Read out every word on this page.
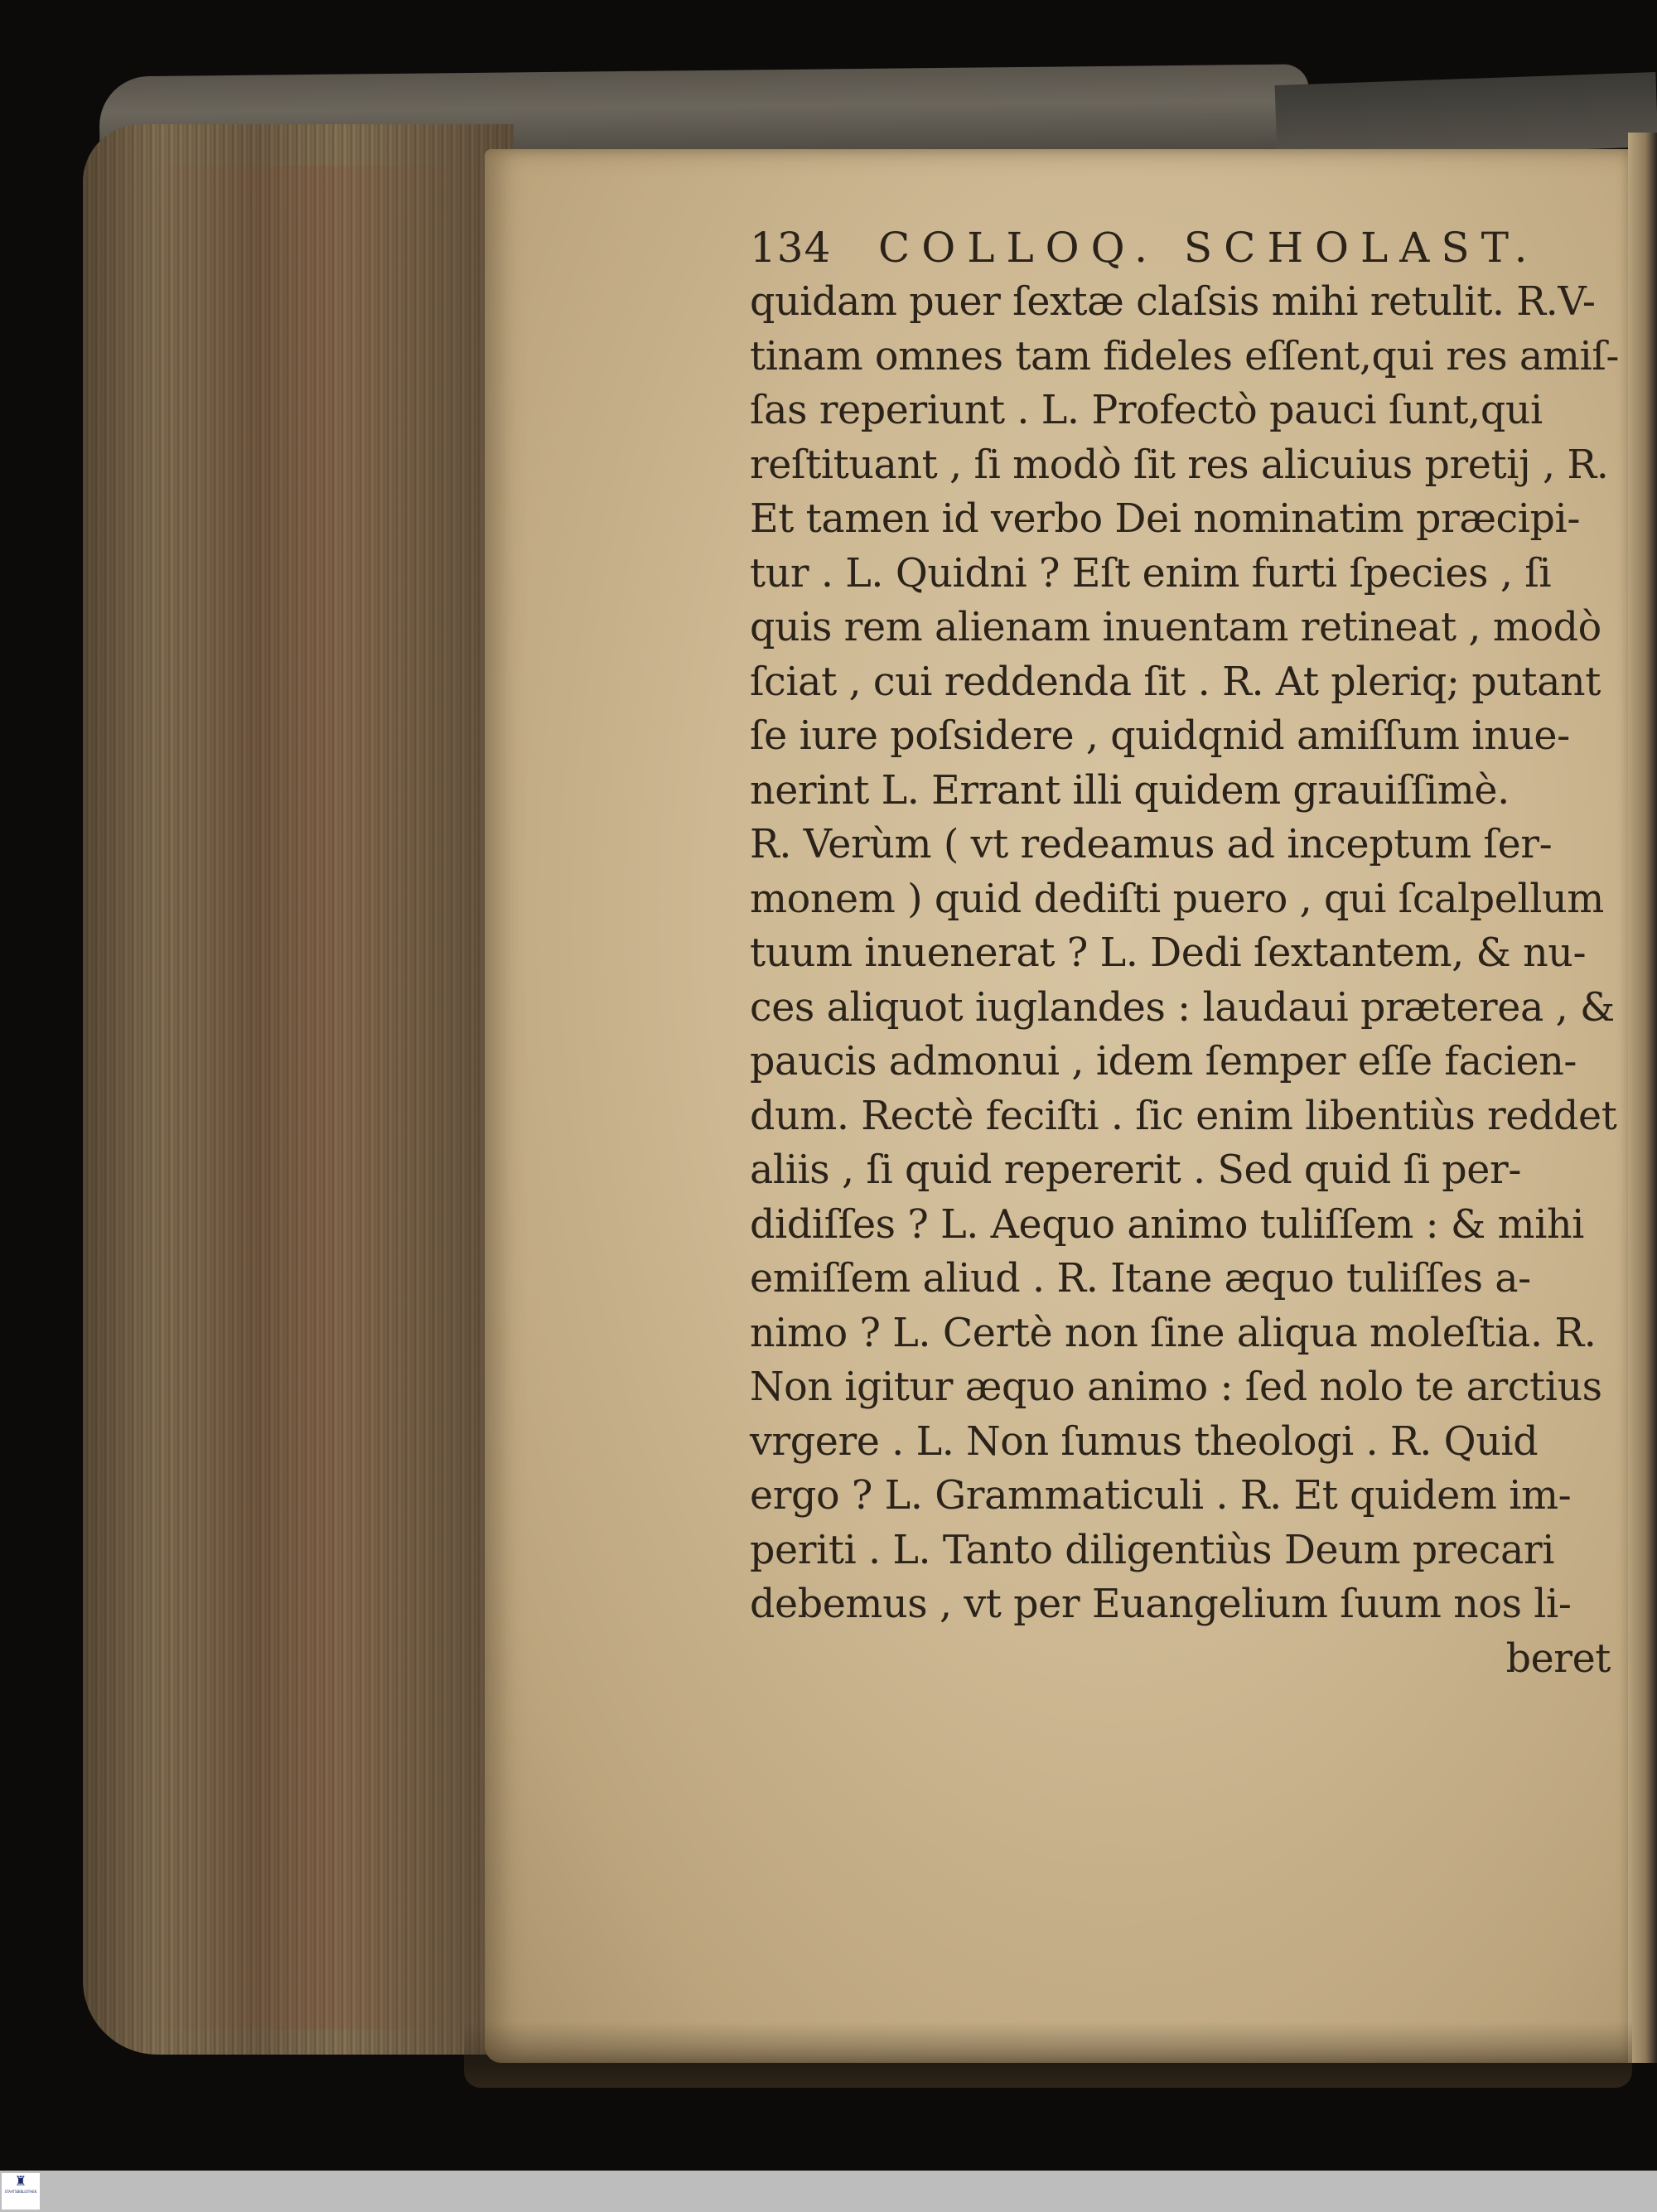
134 COLLOQ. SCHOLAST.
quidam puer ſextæ claſsis mihi retulit. R.V-
tinam omnes tam fideles eſſent,qui res amiſ-
ſas reperiunt . L. Profectò pauci ſunt,qui
reſtituant , ſi modò ſit res alicuius pretij , R.
Et tamen id verbo Dei nominatim præcipi-
tur . L. Quidni ? Eſt enim furti ſpecies , ſi
quis rem alienam inuentam retineat , modò
ſciat , cui reddenda ſit . R. At pleriq; putant
ſe iure poſsidere , quidqnid amiſſum inue-
nerint L. Errant illi quidem grauiſſimè.
R. Verùm ( vt redeamus ad inceptum ſer-
monem ) quid dediſti puero , qui ſcalpellum
tuum inuenerat ? L. Dedi ſextantem, & nu-
ces aliquot iuglandes : laudaui præterea , &
paucis admonui , idem ſemper eſſe facien-
dum. Rectè feciſti . ſic enim libentiùs reddet
aliis , ſi quid repererit . Sed quid ſi per-
didiſſes ? L. Aequo animo tuliſſem : & mihi
emiſſem aliud . R. Itane æquo tuliſſes a-
nimo ? L. Certè non ſine aliqua moleſtia. R.
Non igitur æquo animo : ſed nolo te arctius
vrgere . L. Non ſumus theologi . R. Quid
ergo ? L. Grammaticuli . R. Et quidem im-
periti . L. Tanto diligentiùs Deum precari
debemus , vt per Euangelium ſuum nos li-
beret
♜
STAATSBIBLIOTHEK
